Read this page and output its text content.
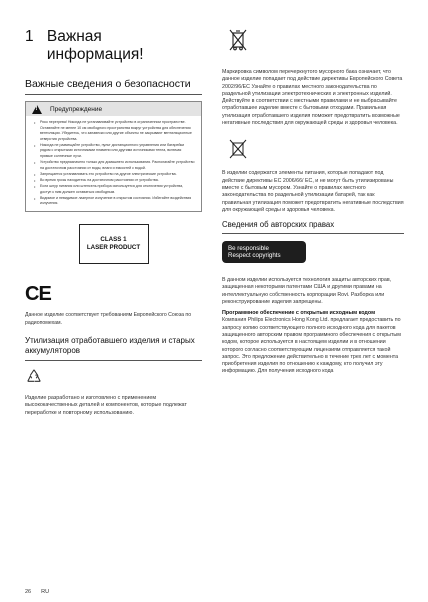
1 Важная информация!
Важные сведения о безопасности
!
Предупреждение
• Риск перегрева! Никогда не устанавливайте устройство в ограниченном пространстве. Оставляйте не менее 10 см свободного пространства вокруг устройства для обеспечения вентиляции. Убедитесь, что занавески или другие объекты не закрывают вентиляционные отверстия устройства.
• Никогда не размещайте устройство, пульт дистанционного управления или батарейки рядом с открытыми источниками пламени или другими источниками тепла, включая прямые солнечные лучи.
• Устройство предназначено только для домашнего использования. Располагайте устройство на достаточном расстоянии от воды, влаги и емкостей с водой.
• Запрещается устанавливать это устройство на другие электрические устройства.
• Во время грозы находитесь на достаточном расстоянии от устройства.
• Если шнур питания или штепсель прибора используется для отключения устройства, доступ к ним должен оставаться свободным.
• Видимое и невидимое лазерное излучение в открытом состоянии. Избегайте воздействия излучения.
CLASS 1
LASER PRODUCT
CE
Данное изделие соответствует требованиям Европейского Союза по радиопомехам.
Утилизация отработавшего изделия и старых аккумуляторов
Изделие разработано и изготовлено с применением высококачественных деталей и компонентов, которые подлежат переработке и повторному использованию.
Маркировка символом перечеркнутого мусорного бака означает, что данное изделие попадает под действие директивы Европейского Совета 2002/96/EC Узнайте о правилах местного законодательства по раздельной утилизации электротехнических и электронных изделий. Действуйте в соответствии с местными правилами и не выбрасывайте отработавшее изделие вместе с бытовыми отходами. Правильная утилизация отработавшего изделия поможет предотвратить возможные негативные последствия для окружающей среды и здоровья человека.
В изделии содержатся элементы питания, которые попадают под действие директивы ЕС 2006/66/ EC, и не могут быть утилизированы вместе с бытовым мусором. Узнайте о правилах местного законодательства по раздельной утилизации батарей, так как правильная утилизация поможет предотвратить негативные последствия для окружающей среды и здоровья человека.
Сведения об авторских правах
Be responsible
Respect copyrights
В данном изделии используется технология защиты авторских прав, защищенная некоторыми патентами США и другими правами на интеллектуальную собственность корпорации Rovi. Разборка или реконструирование изделия запрещены.
Программное обеспечение с открытым исходным кодом
Компания Philips Electronics Hong Kong Ltd. предлагает предоставить по запросу копию соответствующего полного исходного кода для пакетов защищенного авторским правом программного обеспечения с открытым кодом, которое используется в настоящем изделии и в отношении которого согласно соответствующим лицензиям отправляется такой запрос. Это предложение действительно в течение трех лет с момента приобретения изделия по отношению к каждому, кто получил эту информацию. Для получения исходного кода
26 RU
